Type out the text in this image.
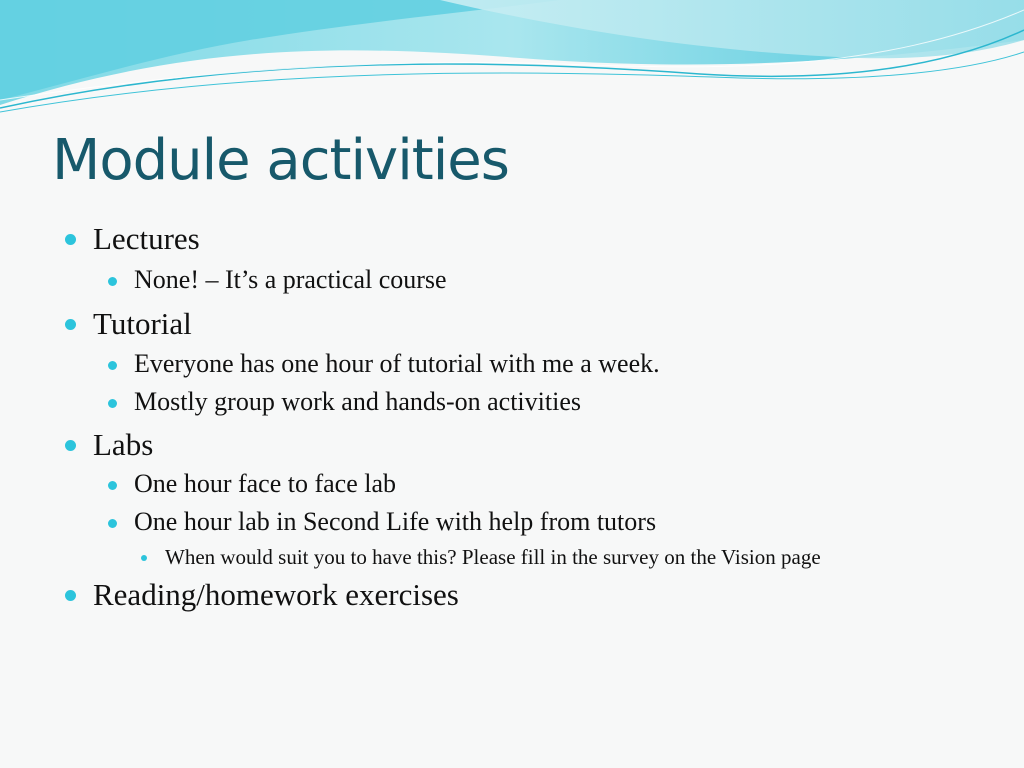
Module activities
Lectures
None! – It’s a practical course
Tutorial
Everyone has one hour of tutorial with me a week.
Mostly group work and hands-on activities
Labs
One hour face to face lab
One hour lab in Second Life with help from tutors
When would suit you to have this? Please fill in the survey on the Vision page
Reading/homework exercises
